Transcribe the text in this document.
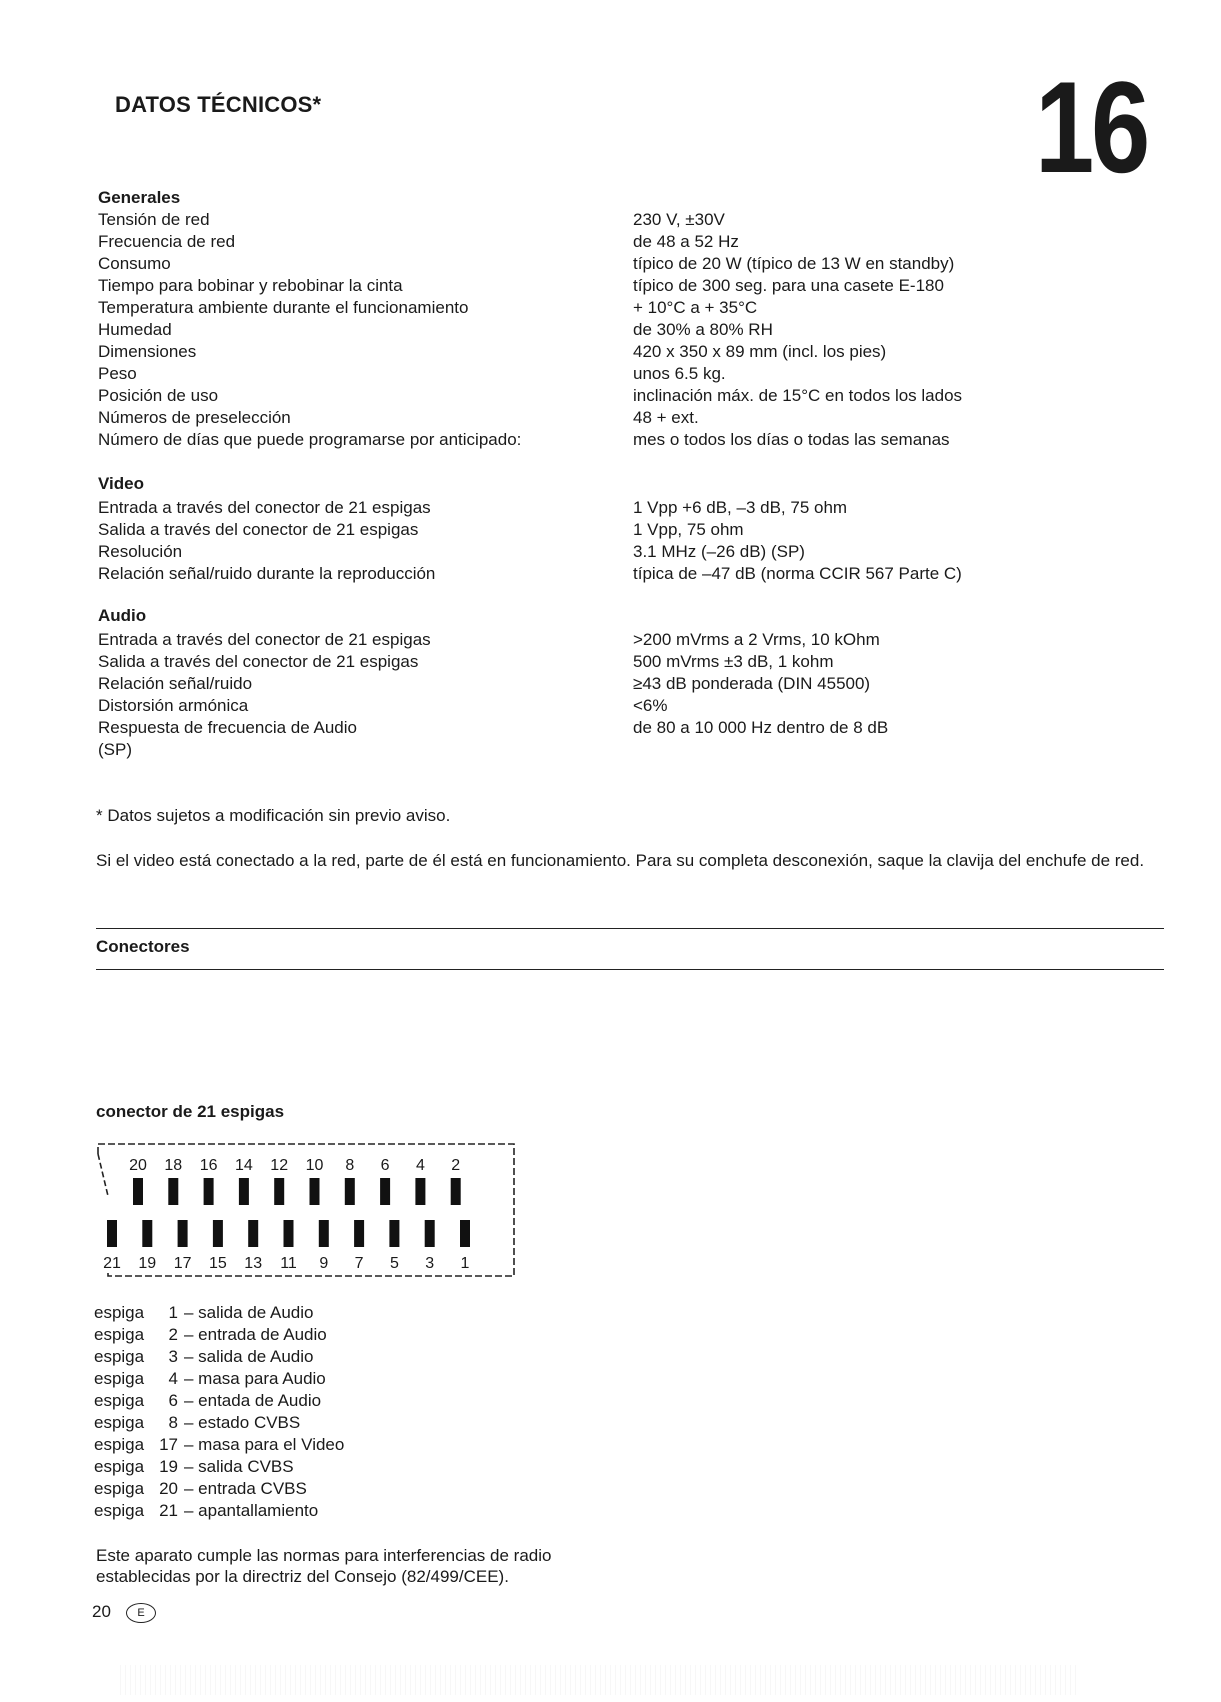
DATOS TÉCNICOS*	16
Generales
Tensión de red	230 V, ±30V
Frecuencia de red	de 48 a 52 Hz
Consumo	típico de 20 W (típico de 13 W en standby)
Tiempo para bobinar y rebobinar la cinta	típico de 300 seg. para una casete E-180
Temperatura ambiente durante el funcionamiento	+ 10°C a + 35°C
Humedad	de 30% a 80% RH
Dimensiones	420 x 350 x 89 mm (incl. los pies)
Peso	unos 6.5 kg.
Posición de uso	inclinación máx. de 15°C en todos los lados
Números de preselección	48 + ext.
Número de días que puede programarse por anticipado:	mes o todos los días o todas las semanas
Video
Entrada a través del conector de 21 espigas	1 Vpp +6 dB, –3 dB, 75 ohm
Salida a través del conector de 21 espigas	1 Vpp, 75 ohm
Resolución	3.1 MHz (–26 dB) (SP)
Relación señal/ruido durante la reproducción	típica de –47 dB (norma CCIR 567 Parte C)
Audio
Entrada a través del conector de 21 espigas	>200 mVrms a 2 Vrms, 10 kOhm
Salida a través del conector de 21 espigas	500 mVrms ±3 dB, 1 kohm
Relación señal/ruido	≥43 dB ponderada (DIN 45500)
Distorsión armónica	<6%
Respuesta de frecuencia de Audio	de 80 a 10 000 Hz dentro de 8 dB
(SP)
* Datos sujetos a modificación sin previo aviso.
Si el video está conectado a la red, parte de él está en funcionamiento. Para su completa desconexión, saque la clavija del enchufe de red.
Conectores
conector de 21 espigas
20 18 16 14 12 10 8 6 4 2
21 19 17 15 13 11 9 7 5 3 1
espiga 1 – salida de Audio
espiga 2 – entrada de Audio
espiga 3 – salida de Audio
espiga 4 – masa para Audio
espiga 6 – entada de Audio
espiga 8 – estado CVBS
espiga 17 – masa para el Video
espiga 19 – salida CVBS
espiga 20 – entrada CVBS
espiga 21 – apantallamiento
Este aparato cumple las normas para interferencias de radio establecidas por la directriz del Consejo (82/499/CEE).
20	E
